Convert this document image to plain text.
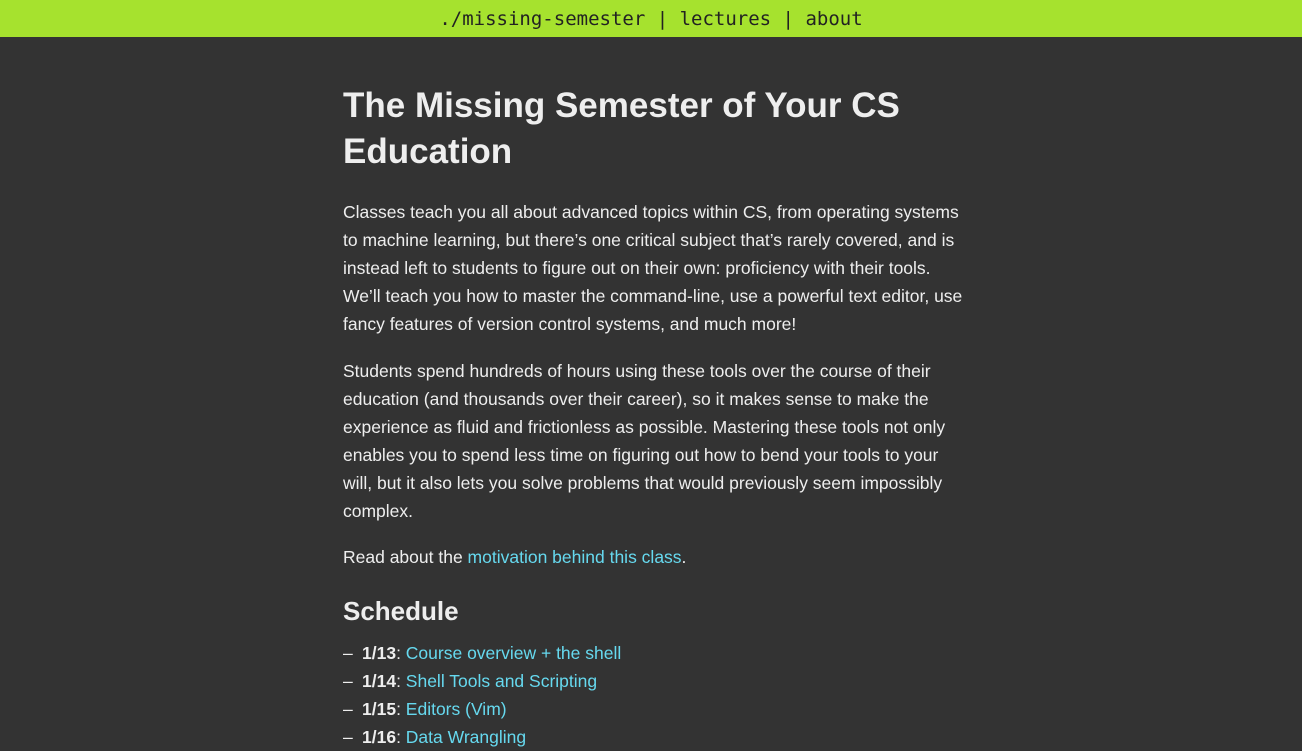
./missing-semester | lectures | about
The Missing Semester of Your CS Education

Classes teach you all about advanced topics within CS, from operating systems to machine learning, but there’s one critical subject that’s rarely covered, and is instead left to students to figure out on their own: proficiency with their tools. We’ll teach you how to master the command-line, use a powerful text editor, use fancy features of version control systems, and much more!

Students spend hundreds of hours using these tools over the course of their education (and thousands over their career), so it makes sense to make the experience as fluid and frictionless as possible. Mastering these tools not only enables you to spend less time on figuring out how to bend your tools to your will, but it also lets you solve problems that would previously seem impossibly complex.

Read about the motivation behind this class.

Schedule
– 1/13 : Course overview + the shell
– 1/14 : Shell Tools and Scripting
– 1/15 : Editors (Vim)
– 1/16 : Data Wrangling
